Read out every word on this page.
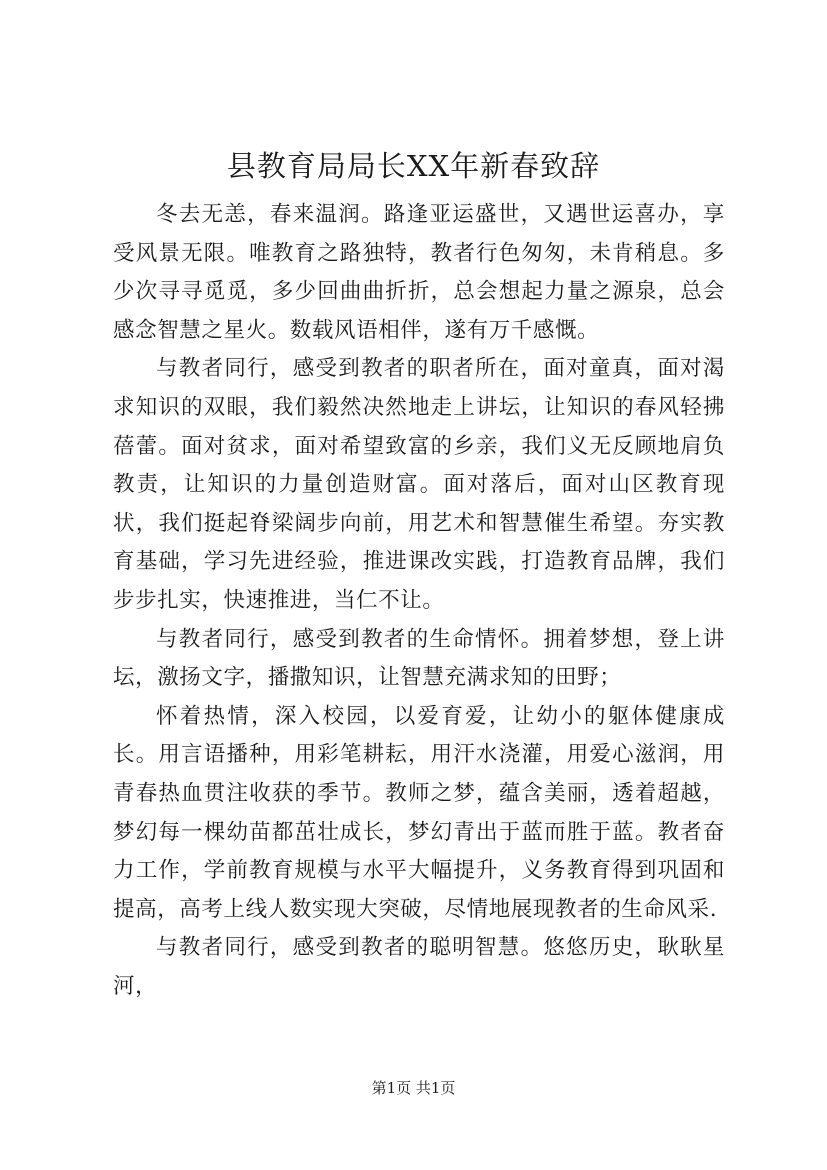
县教育局局长XX年新春致辞

冬去无恙，春来温润。路逢亚运盛世，又遇世运喜办，享受风景无限。唯教育之路独特，教者行色匆匆，未肯稍息。多少次寻寻觅觅，多少回曲曲折折，总会想起力量之源泉，总会感念智慧之星火。数载风语相伴，遂有万千感慨。

与教者同行，感受到教者的职者所在，面对童真，面对渴求知识的双眼，我们毅然决然地走上讲坛，让知识的春风轻拂蓓蕾。面对贫求，面对希望致富的乡亲，我们义无反顾地肩负教责，让知识的力量创造财富。面对落后，面对山区教育现状，我们挺起脊梁阔步向前，用艺术和智慧催生希望。夯实教育基础，学习先进经验，推进课改实践，打造教育品牌，我们步步扎实，快速推进，当仁不让。

与教者同行，感受到教者的生命情怀。拥着梦想，登上讲坛，激扬文字，播撒知识，让智慧充满求知的田野；

怀着热情，深入校园，以爱育爱，让幼小的躯体健康成长。用言语播种，用彩笔耕耘，用汗水浇灌，用爱心滋润，用青春热血贯注收获的季节。教师之梦，蕴含美丽，透着超越，梦幻每一棵幼苗都茁壮成长，梦幻青出于蓝而胜于蓝。教者奋力工作，学前教育规模与水平大幅提升，义务教育得到巩固和提高，高考上线人数实现大突破，尽情地展现教者的生命风采.

与教者同行，感受到教者的聪明智慧。悠悠历史，耿耿星河，

第1页 共1页
